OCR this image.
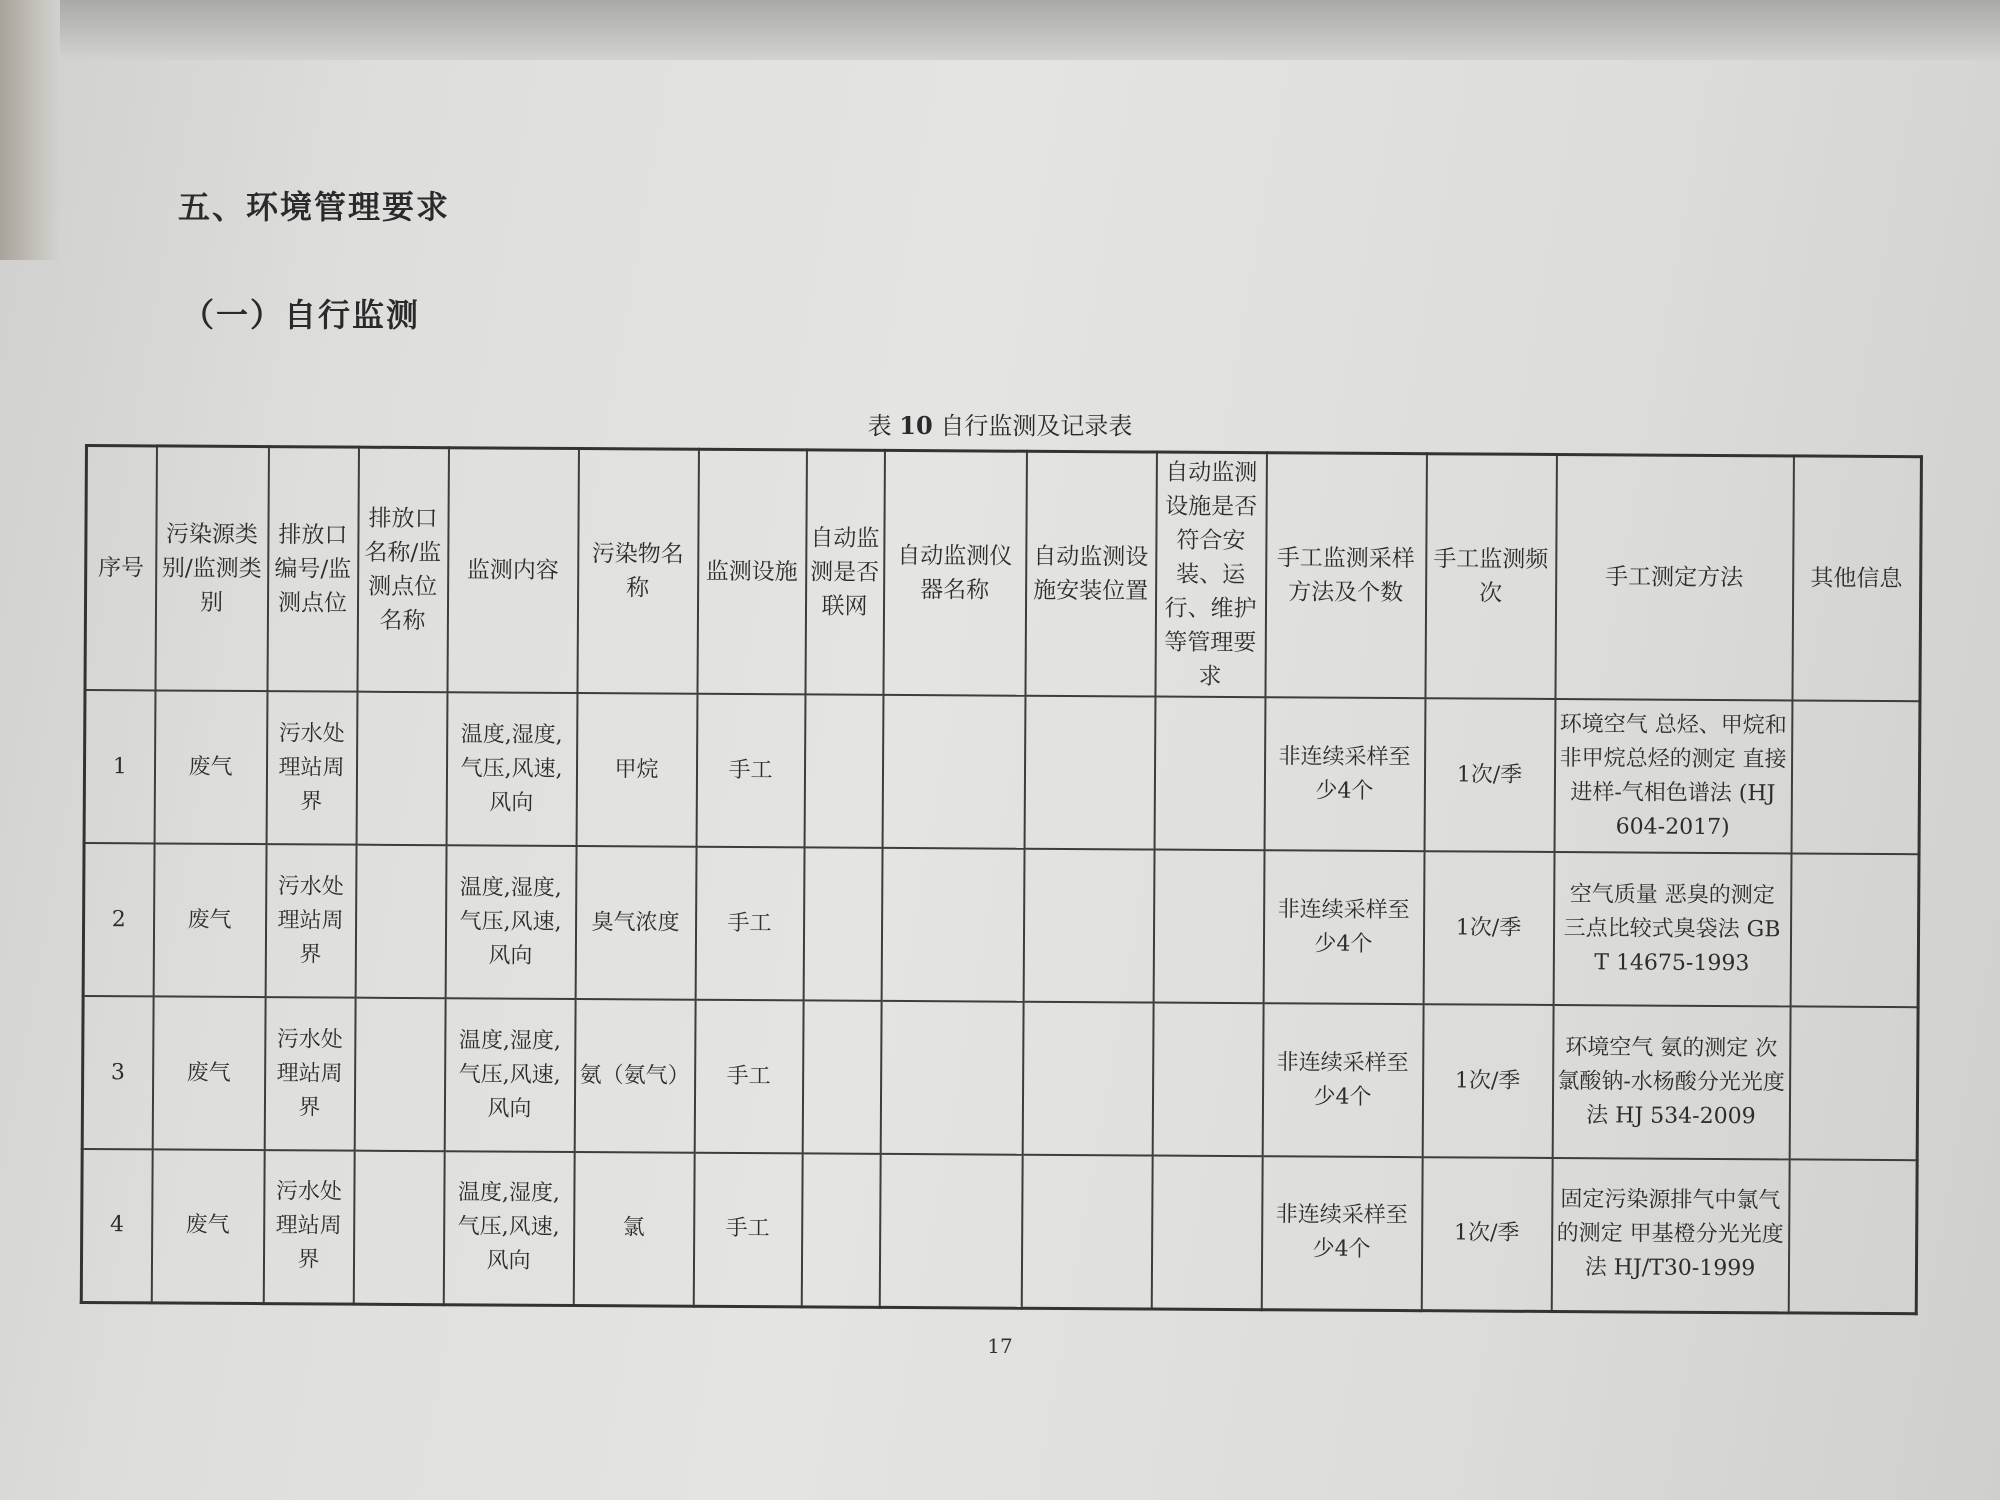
五、环境管理要求
（一）自行监测
表 10 自行监测及记录表
序号	污染源类别/监测类别	排放口编号/监测点位	排放口名称/监测点位名称	监测内容	污染物名称	监测设施	自动监测是否联网	自动监测仪器名称	自动监测设施安装位置	自动监测设施是否符合安装、运行、维护等管理要求	手工监测采样方法及个数	手工监测频次	手工测定方法	其他信息
1	废气	污水处理站周界		温度,湿度,气压,风速,风向	甲烷	手工					非连续采样至少4个	1次/季	环境空气 总烃、甲烷和非甲烷总烃的测定 直接进样-气相色谱法 (HJ 604-2017)	
2	废气	污水处理站周界		温度,湿度,气压,风速,风向	臭气浓度	手工					非连续采样至少4个	1次/季	空气质量 恶臭的测定 三点比较式臭袋法 GB T 14675-1993	
3	废气	污水处理站周界		温度,湿度,气压,风速,风向	氨（氨气）	手工					非连续采样至少4个	1次/季	环境空气 氨的测定 次氯酸钠-水杨酸分光光度法 HJ 534-2009	
4	废气	污水处理站周界		温度,湿度,气压,风速,风向	氯	手工					非连续采样至少4个	1次/季	固定污染源排气中氯气的测定 甲基橙分光光度法 HJ/T30-1999	
17
